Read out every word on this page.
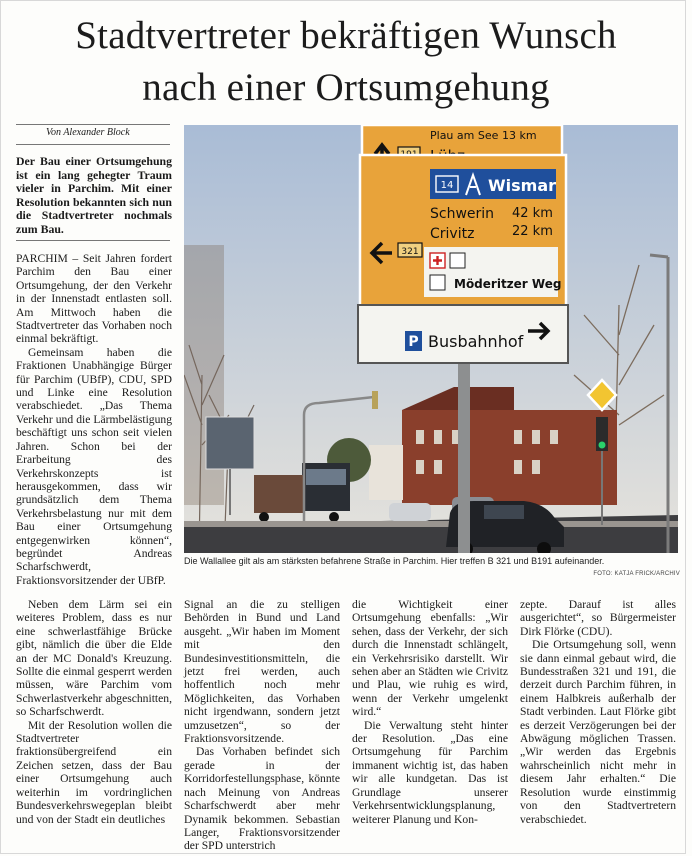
Stadtvertreter bekräftigen Wunsch
nach einer Ortsumgehung
Von Alexander Block
Der Bau einer Ortsumgehung ist ein lang gehegter Traum vieler in Parchim. Mit einer Resolution bekannten sich nun die Stadtvertreter nochmals zum Bau.
Plau am See 13 km
14 Wismar
Schwerin 42 km
321
Crivitz	22 km
Möderitzer Weg
P Busbahnhof
Die Wallallee gilt als am stärksten befahrene Straße in Parchim. Hier treffen B 321 und B191 aufeinander.
FOTO: KATJA FRICK/ARCHIV

PARCHIM – Seit Jahren fordert Parchim den Bau einer Ortsumgehung, der den Verkehr in der Innenstadt entlasten soll. Am Mittwoch haben die Stadtvertreter das Vorhaben noch einmal bekräftigt.

Gemeinsam haben die Fraktionen Unabhängige Bürger für Parchim (UBfP), CDU, SPD und Linke eine Resolution verabschiedet. „Das Thema Verkehr und die Lärmbelästigung beschäftigt uns schon seit vielen Jahren. Schon bei der Erarbeitung des Verkehrskonzepts ist herausgekommen, dass wir grundsätzlich dem Thema Verkehrsbelastung nur mit dem Bau einer Ortsumgehung entgegenwirken können“, begründet Andreas Scharfschwerdt, Fraktionsvorsitzender der UBfP.

Neben dem Lärm sei ein weiteres Problem, dass es nur eine schwerlastfähige Brücke gibt, nämlich die über die Elde an der MC Donald's Kreuzung. Sollte die einmal gesperrt werden müssen, wäre Parchim vom Schwerlastverkehr abgeschnitten, so Scharfschwerdt.

Mit der Resolution wollen die Stadtvertreter fraktionsübergreifend ein Zeichen setzen, dass der Bau einer Ortsumgehung auch weiterhin im vordringlichen Bundesverkehrswegeplan bleibt und von der Stadt ein deutliches

Signal an die zu stelligen Behörden in Bund und Land ausgeht. „Wir haben im Moment mit den Bundesinvestitionsmitteln, die jetzt frei werden, auch hoffentlich noch mehr Möglichkeiten, das Vorhaben nicht irgendwann, sondern jetzt umzusetzen“, so der Fraktionsvorsitzende.

Das Vorhaben befindet sich gerade in der Korridorfestellungsphase, könnte nach Meinung von Andreas Scharfschwerdt aber mehr Dynamik bekommen. Sebastian Langer, Fraktionsvorsitzender der SPD unterstrich

die Wichtigkeit einer Ortsumgehung ebenfalls: „Wir sehen, dass der Verkehr, der sich durch die Innenstadt schlängelt, ein Verkehrsrisiko darstellt. Wir sehen aber an Städten wie Crivitz und Plau, wie ruhig es wird, wenn der Verkehr umgelenkt wird.“

Die Verwaltung steht hinter der Resolution. „Das eine Ortsumgehung für Parchim immanent wichtig ist, das haben wir alle kundgetan. Das ist Grundlage unserer Verkehrsentwicklungsplanung, weiterer Planung und Kon-

zepte. Darauf ist alles ausgerichtet“, so Bürgermeister Dirk Flörke (CDU).

Die Ortsumgehung soll, wenn sie dann einmal gebaut wird, die Bundesstraßen 321 und 191, die derzeit durch Parchim führen, in einem Halbkreis außerhalb der Stadt verbinden. Laut Flörke gibt es derzeit Verzögerungen bei der Abwägung möglichen Trassen. „Wir werden das Ergebnis wahrscheinlich nicht mehr in diesem Jahr erhalten.“ Die Resolution wurde einstimmig von den Stadtvertretern verabschiedet.
